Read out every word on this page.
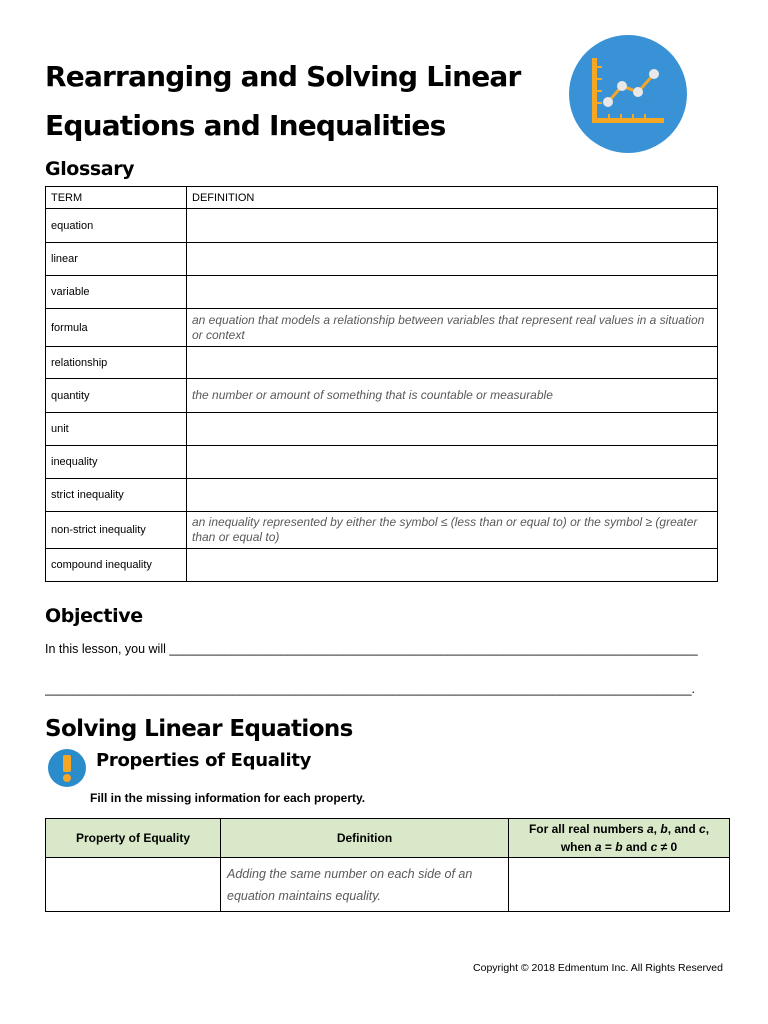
Rearranging and Solving Linear
Equations and Inequalities
Glossary
TERM	DEFINITION
equation	
linear	
variable	
formula	an equation that models a relationship between variables that represent real values in a situation or context
relationship	
quantity	the number or amount of something that is countable or measurable
unit	
inequality	
strict inequality	
non-strict inequality	an inequality represented by either the symbol ≤ (less than or equal to) or the symbol ≥ (greater than or equal to)
compound inequality	
Objective
In this lesson, you will ____________________________________________________________________________
_____________________________________________________________________________________________.
Solving Linear Equations
Properties of Equality
Fill in the missing information for each property.
Property of Equality	Definition	For all real numbers a, b, and c,
when a = b and c ≠ 0
	Adding the same number on each side of an equation maintains equality.	
Copyright © 2018 Edmentum Inc. All Rights Reserved
